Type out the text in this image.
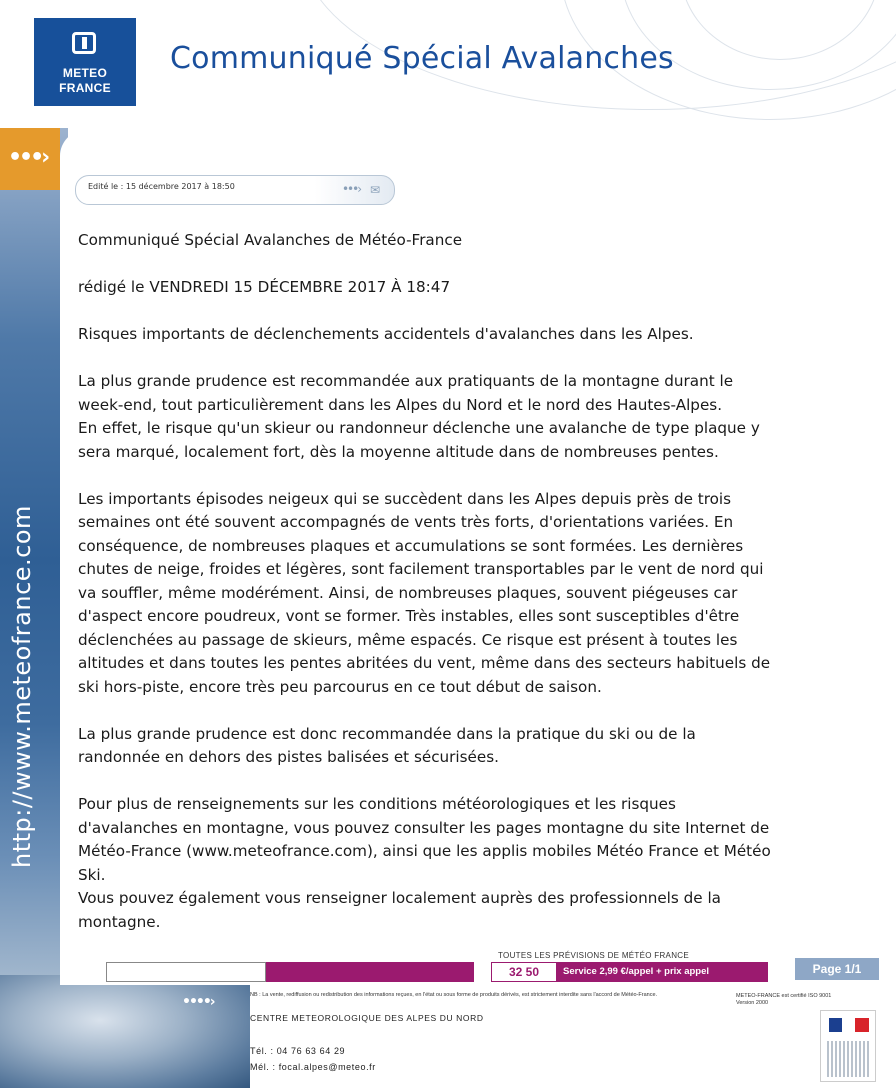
METEO
FRANCE
Communiqué Spécial Avalanches
•••›
http://www.meteofrance.com
••••›
Edité le : 15 décembre 2017 à 18:50	•••› ✉

Communiqué Spécial Avalanches de Météo-France

rédigé le VENDREDI 15 DÉCEMBRE 2017 À 18:47

Risques importants de déclenchements accidentels d'avalanches dans les Alpes.

La plus grande prudence est recommandée aux pratiquants de la montagne durant le
week-end, tout particulièrement dans les Alpes du Nord et le nord des Hautes-Alpes.
En effet, le risque qu'un skieur ou randonneur déclenche une avalanche de type plaque y
sera marqué, localement fort, dès la moyenne altitude dans de nombreuses pentes.

Les importants épisodes neigeux qui se succèdent dans les Alpes depuis près de trois
semaines ont été souvent accompagnés de vents très forts, d'orientations variées. En
conséquence, de nombreuses plaques et accumulations se sont formées. Les dernières
chutes de neige, froides et légères, sont facilement transportables par le vent de nord qui
va souffler, même modérément. Ainsi, de nombreuses plaques, souvent piégeuses car
d'aspect encore poudreux, vont se former. Très instables, elles sont susceptibles d'être
déclenchées au passage de skieurs, même espacés. Ce risque est présent à toutes les
altitudes et dans toutes les pentes abritées du vent, même dans des secteurs habituels de
ski hors-piste, encore très peu parcourus en ce tout début de saison.

La plus grande prudence est donc recommandée dans la pratique du ski ou de la
randonnée en dehors des pistes balisées et sécurisées.

Pour plus de renseignements sur les conditions météorologiques et les risques
d'avalanches en montagne, vous pouvez consulter les pages montagne du site Internet de
Météo-France (www.meteofrance.com), ainsi que les applis mobiles Météo France et Météo
Ski.
Vous pouvez également vous renseigner localement auprès des professionnels de la
montagne.

TOUTES LES PRÉVISIONS DE MÉTÉO FRANCE
32 50	Service 2,99 €/appel + prix appel	Page 1/1
NB : La vente, rediffusion ou redistribution des informations reçues, en l'état ou sous forme de produits dérivés, est strictement interdite sans l'accord de Météo-France.
CENTRE METEOROLOGIQUE DES ALPES DU NORD
Tél. : 04 76 63 64 29
Mél. : focal.alpes@meteo.fr
METEO-FRANCE est certifié ISO 9001
Version 2000
